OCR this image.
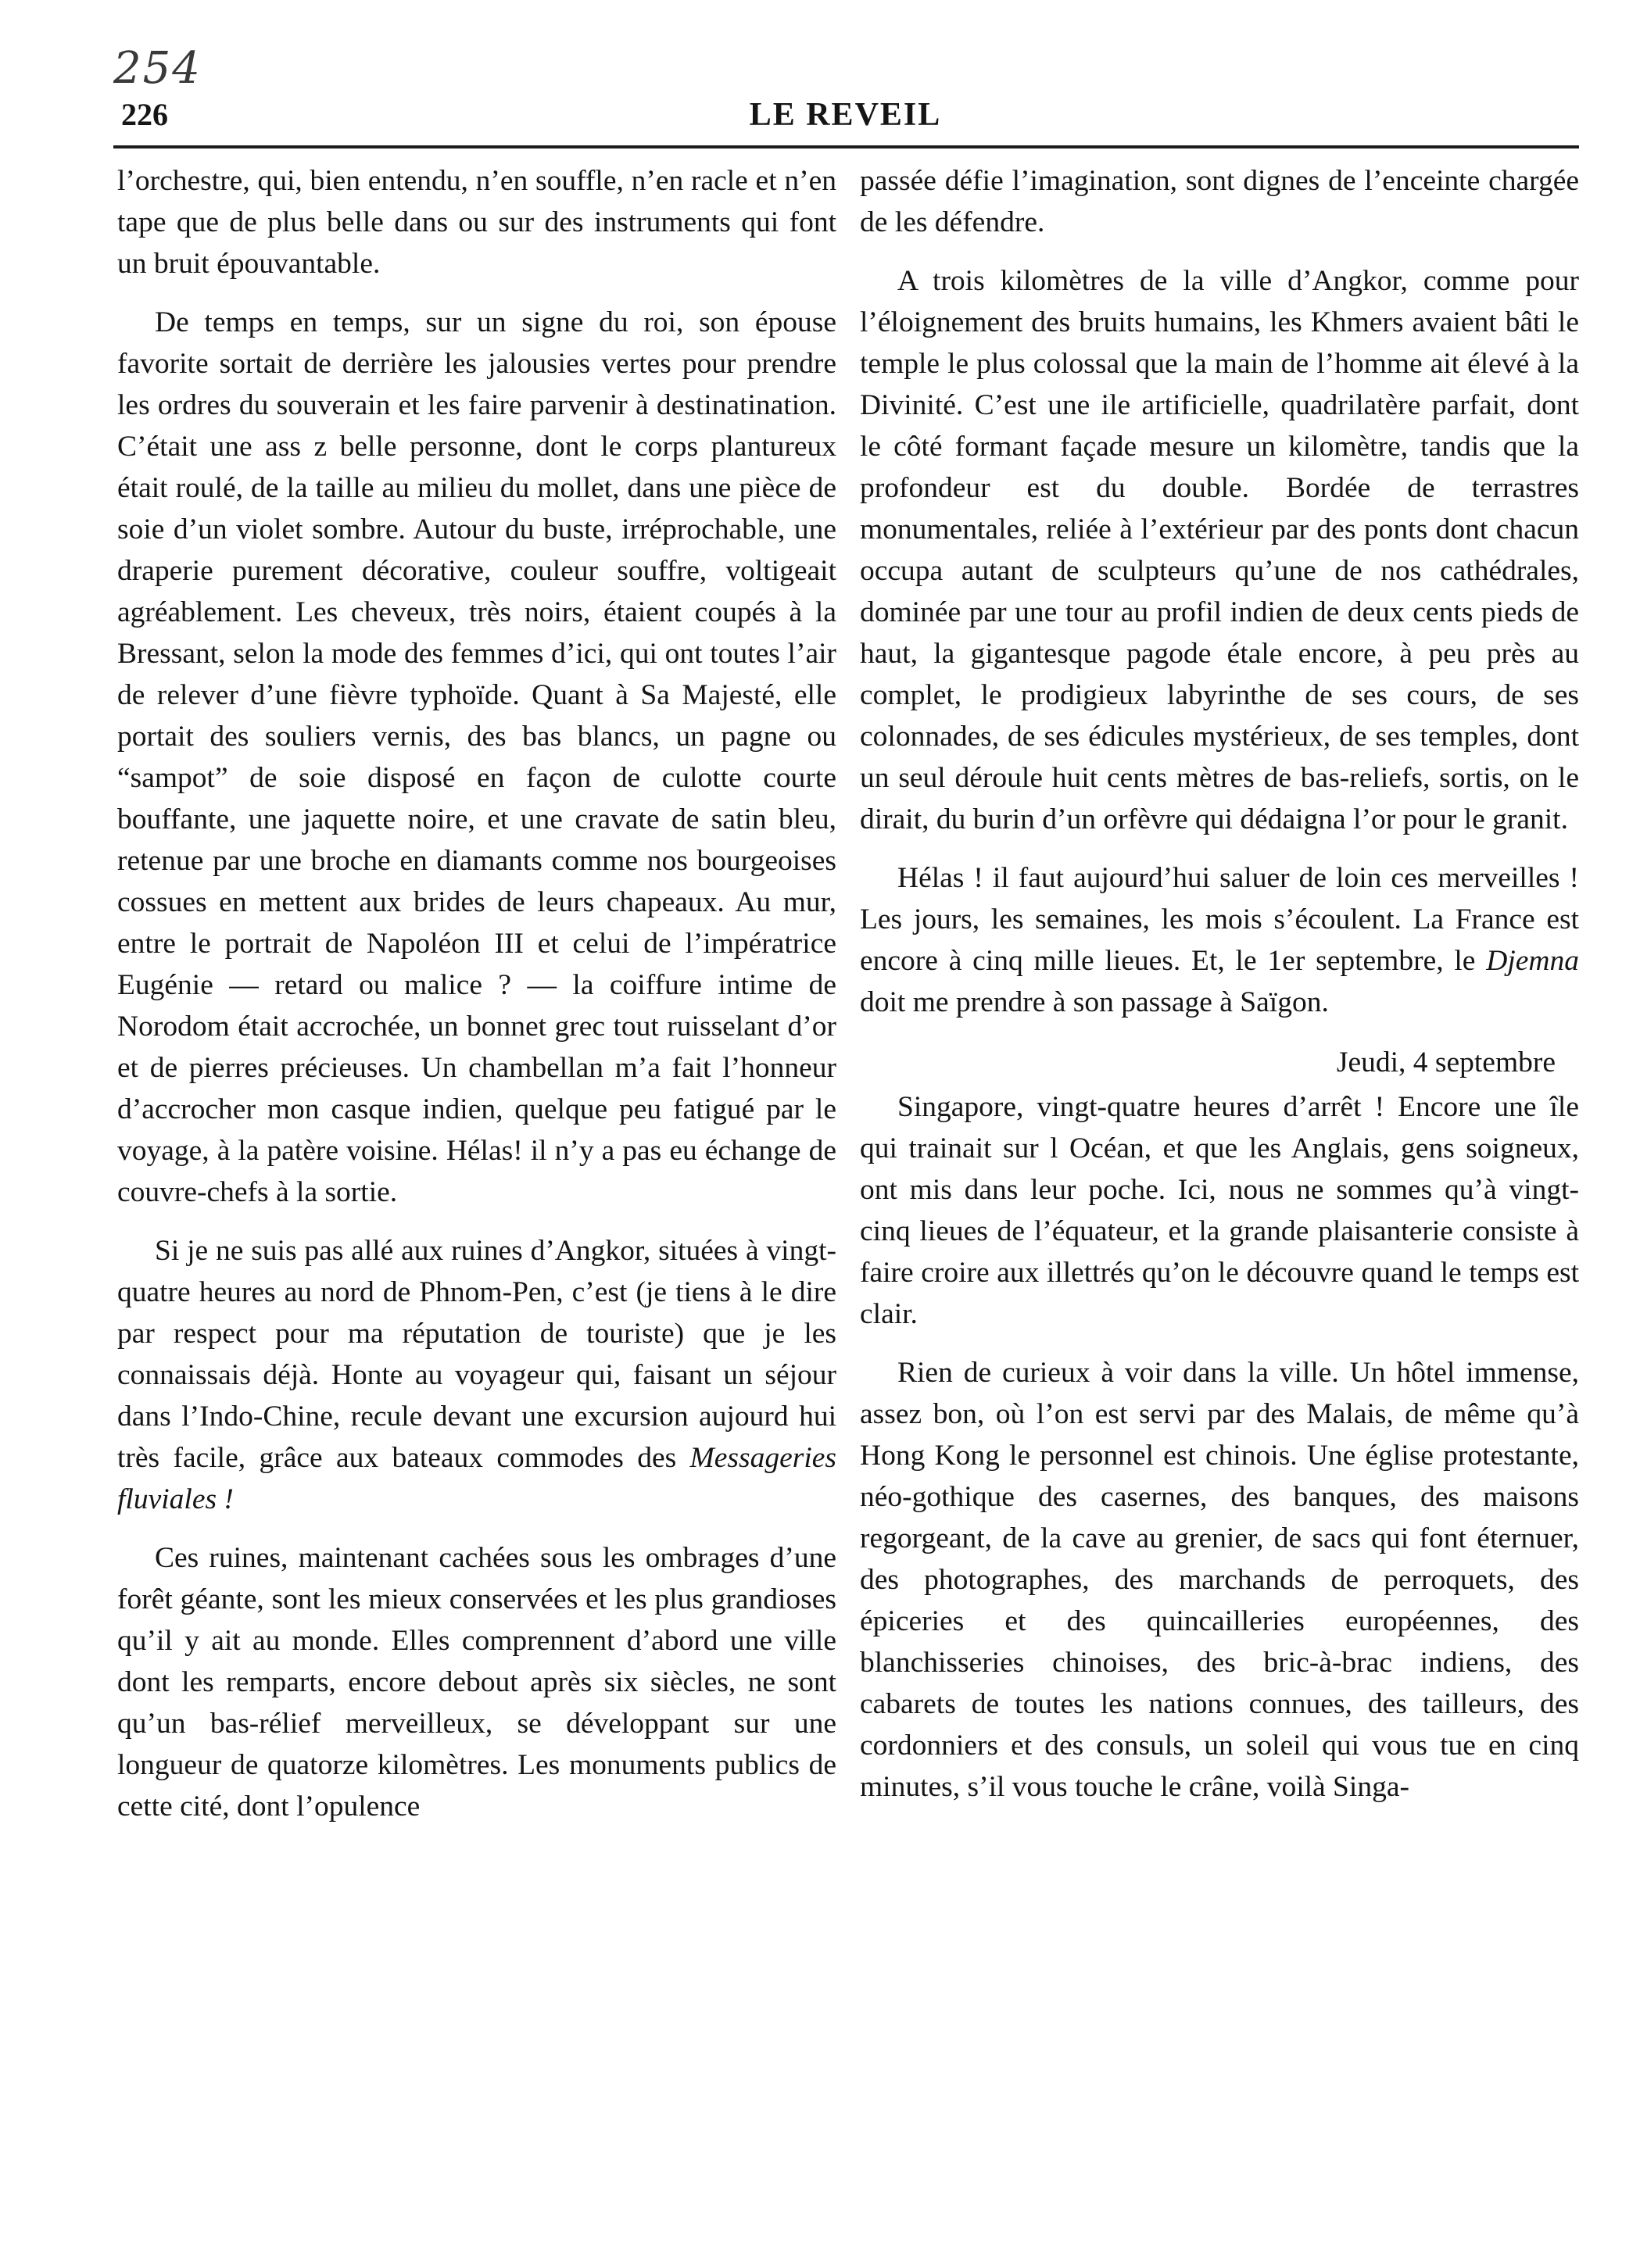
254
226	LE REVEIL

l’orchestre, qui, bien entendu, n’en souffle, n’en racle et n’en tape que de plus belle dans ou sur des instruments qui font un bruit épouvantable.

De temps en temps, sur un signe du roi, son épouse favorite sortait de derrière les jalousies vertes pour prendre les ordres du souverain et les faire parvenir à destinatination. C’était une ass z belle personne, dont le corps plantureux était roulé, de la taille au milieu du mollet, dans une pièce de soie d’un violet sombre. Autour du buste, irréprochable, une draperie purement décorative, couleur souffre, voltigeait agréablement. Les cheveux, très noirs, étaient coupés à la Bressant, selon la mode des femmes d’ici, qui ont toutes l’air de relever d’une fièvre typhoïde. Quant à Sa Majesté, elle portait des souliers vernis, des bas blancs, un pagne ou “sampot” de soie disposé en façon de culotte courte bouffante, une jaquette noire, et une cravate de satin bleu, retenue par une broche en diamants comme nos bourgeoises cossues en mettent aux brides de leurs chapeaux. Au mur, entre le portrait de Napoléon III et celui de l’impératrice Eugénie — retard ou malice ? — la coiffure intime de Norodom était accrochée, un bonnet grec tout ruisselant d’or et de pierres précieuses. Un chambellan m’a fait l’honneur d’accrocher mon casque indien, quelque peu fatigué par le voyage, à la patère voisine. Hélas! il n’y a pas eu échange de couvre-chefs à la sortie.

Si je ne suis pas allé aux ruines d’Angkor, situées à vingt-quatre heures au nord de Phnom-Pen, c’est (je tiens à le dire par respect pour ma réputation de touriste) que je les connaissais déjà. Honte au voyageur qui, faisant un séjour dans l’Indo-Chine, recule devant une excursion aujourd hui très facile, grâce aux bateaux commodes des Messageries fluviales !

Ces ruines, maintenant cachées sous les ombrages d’une forêt géante, sont les mieux conservées et les plus grandioses qu’il y ait au monde. Elles comprennent d’abord une ville dont les remparts, encore debout après six siècles, ne sont qu’un bas-rélief merveilleux, se développant sur une longueur de quatorze kilomètres. Les monuments publics de cette cité, dont l’opulence

passée défie l’imagination, sont dignes de l’enceinte chargée de les défendre.

A trois kilomètres de la ville d’Angkor, comme pour l’éloignement des bruits humains, les Khmers avaient bâti le temple le plus colossal que la main de l’homme ait élevé à la Divinité. C’est une ile artificielle, quadrilatère parfait, dont le côté formant façade mesure un kilomètre, tandis que la profondeur est du double. Bordée de terrastres monumentales, reliée à l’extérieur par des ponts dont chacun occupa autant de sculpteurs qu’une de nos cathédrales, dominée par une tour au profil indien de deux cents pieds de haut, la gigantesque pagode étale encore, à peu près au complet, le prodigieux labyrinthe de ses cours, de ses colonnades, de ses édicules mystérieux, de ses temples, dont un seul déroule huit cents mètres de bas-reliefs, sortis, on le dirait, du burin d’un orfèvre qui dédaigna l’or pour le granit.

Hélas ! il faut aujourd’hui saluer de loin ces merveilles ! Les jours, les semaines, les mois s’écoulent. La France est encore à cinq mille lieues. Et, le 1er septembre, le Djemna doit me prendre à son passage à Saïgon.

Jeudi, 4 septembre

Singapore, vingt-quatre heures d’arrêt ! Encore une île qui trainait sur l Océan, et que les Anglais, gens soigneux, ont mis dans leur poche. Ici, nous ne sommes qu’à vingt-cinq lieues de l’équateur, et la grande plaisanterie consiste à faire croire aux illettrés qu’on le découvre quand le temps est clair.

Rien de curieux à voir dans la ville. Un hôtel immense, assez bon, où l’on est servi par des Malais, de même qu’à Hong Kong le personnel est chinois. Une église protestante, néo-gothique des casernes, des banques, des maisons regorgeant, de la cave au grenier, de sacs qui font éternuer, des photographes, des marchands de perroquets, des épiceries et des quincailleries européennes, des blanchisseries chinoises, des bric-à-brac indiens, des cabarets de toutes les nations connues, des tailleurs, des cordonniers et des consuls, un soleil qui vous tue en cinq minutes, s’il vous touche le crâne, voilà Singa-
